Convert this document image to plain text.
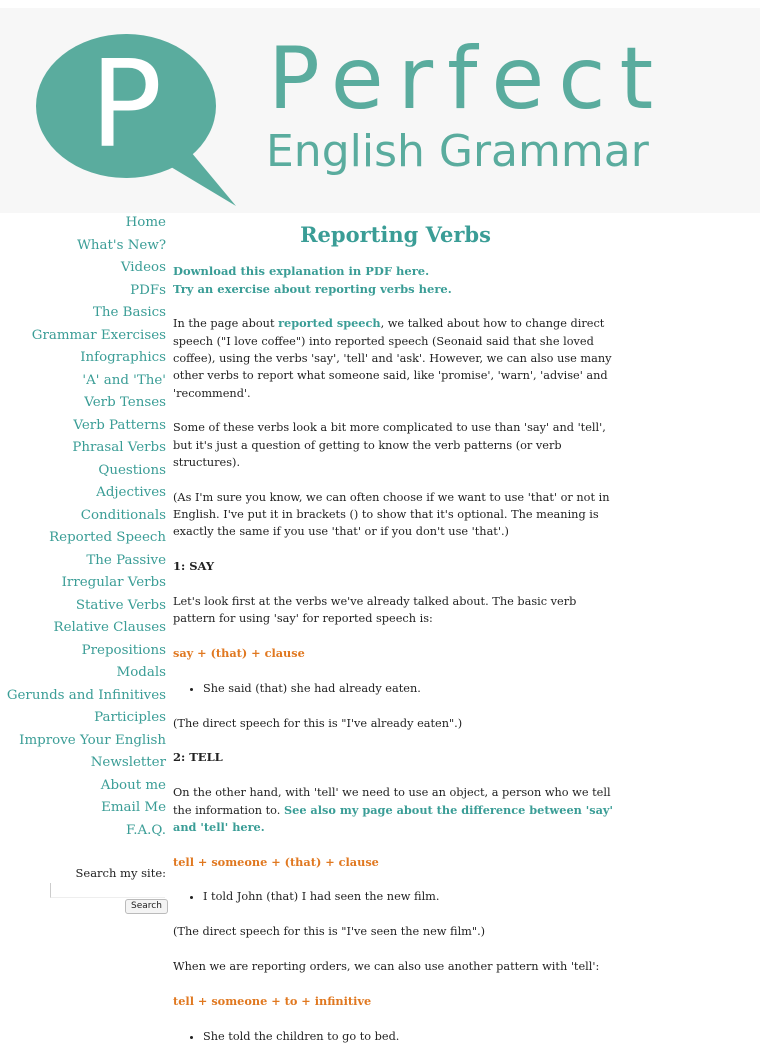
P Perfect
English Grammar
Home
What's New?
Videos
PDFs
The Basics
Grammar Exercises
Infographics
'A' and 'The'
Verb Tenses
Verb Patterns
Phrasal Verbs
Questions
Adjectives
Conditionals
Reported Speech
The Passive
Irregular Verbs
Stative Verbs
Relative Clauses
Prepositions
Modals
Gerunds and Infinitives
Participles
Improve Your English
Newsletter
About me
Email Me
F.A.Q.
Search my site:
Search
Reporting Verbs

Download this explanation in PDF here.
Try an exercise about reporting verbs here.

In the page about reported speech, we talked about how to change direct speech ("I love coffee") into reported speech (Seonaid said that she loved coffee), using the verbs 'say', 'tell' and 'ask'. However, we can also use many other verbs to report what someone said, like 'promise', 'warn', 'advise' and 'recommend'.

Some of these verbs look a bit more complicated to use than 'say' and 'tell', but it's just a question of getting to know the verb patterns (or verb structures).

(As I'm sure you know, we can often choose if we want to use 'that' or not in English. I've put it in brackets () to show that it's optional. The meaning is exactly the same if you use 'that' or if you don't use 'that'.)

1: SAY

Let's look first at the verbs we've already talked about. The basic verb pattern for using 'say' for reported speech is:

say + (that) + clause

• She said (that) she had already eaten.

(The direct speech for this is "I've already eaten".)

2: TELL

On the other hand, with 'tell' we need to use an object, a person who we tell the information to. See also my page about the difference between 'say' and 'tell' here.

tell + someone + (that) + clause

• I told John (that) I had seen the new film.

(The direct speech for this is "I've seen the new film".)

When we are reporting orders, we can also use another pattern with 'tell':

tell + someone + to + infinitive

• She told the children to go to bed.
